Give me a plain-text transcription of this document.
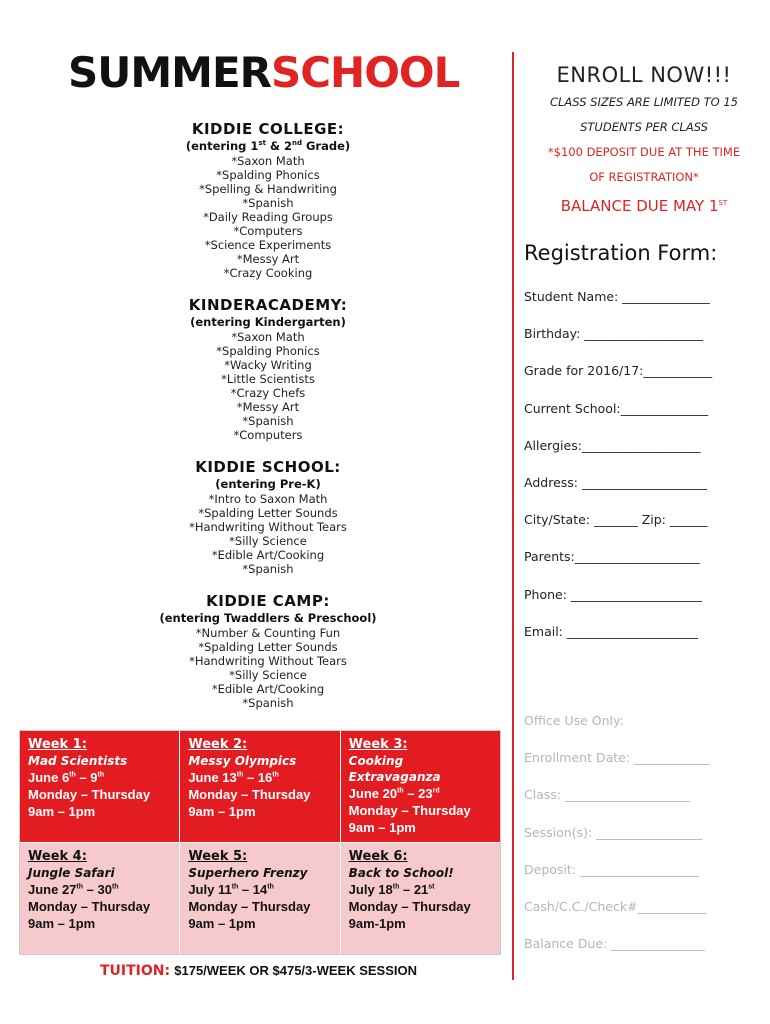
SUMMERSCHOOL
KIDDIE COLLEGE:
(entering 1st & 2nd Grade)
*Saxon Math
*Spalding Phonics
*Spelling & Handwriting
*Spanish
*Daily Reading Groups
*Computers
*Science Experiments
*Messy Art
*Crazy Cooking
KINDERACADEMY:
(entering Kindergarten)
*Saxon Math
*Spalding Phonics
*Wacky Writing
*Little Scientists
*Crazy Chefs
*Messy Art
*Spanish
*Computers
KIDDIE SCHOOL:
(entering Pre-K)
*Intro to Saxon Math
*Spalding Letter Sounds
*Handwriting Without Tears
*Silly Science
*Edible Art/Cooking
*Spanish
KIDDIE CAMP:
(entering Twaddlers & Preschool)
*Number & Counting Fun
*Spalding Letter Sounds
*Handwriting Without Tears
*Silly Science
*Edible Art/Cooking
*Spanish
Week 1:
Mad Scientists
June 6th – 9th
Monday – Thursday
9am – 1pm
Week 2:
Messy Olympics
June 13th – 16th
Monday – Thursday
9am – 1pm
Week 3:
Cooking Extravaganza
June 20th – 23rd
Monday – Thursday
9am – 1pm
Week 4:
Jungle Safari
June 27th – 30th
Monday – Thursday
9am – 1pm
Week 5:
Superhero Frenzy
July 11th – 14th
Monday – Thursday
9am – 1pm
Week 6:
Back to School!
July 18th – 21st
Monday – Thursday
9am-1pm
TUITION: $175/WEEK OR $475/3-WEEK SESSION
ENROLL NOW!!!
CLASS SIZES ARE LIMITED TO 15
STUDENTS PER CLASS
*$100 DEPOSIT DUE AT THE TIME
OF REGISTRATION*
BALANCE DUE MAY 1ST
Registration Form:
Student Name: ______________
Birthday: ___________________
Grade for 2016/17:___________
Current School:______________
Allergies:___________________
Address: ____________________
City/State: _______ Zip: ______
Parents:____________________
Phone: _____________________
Email: _____________________
Office Use Only:
Enrollment Date: ____________
Class: ____________________
Session(s): _________________
Deposit: ___________________
Cash/C.C./Check#___________
Balance Due: _______________
